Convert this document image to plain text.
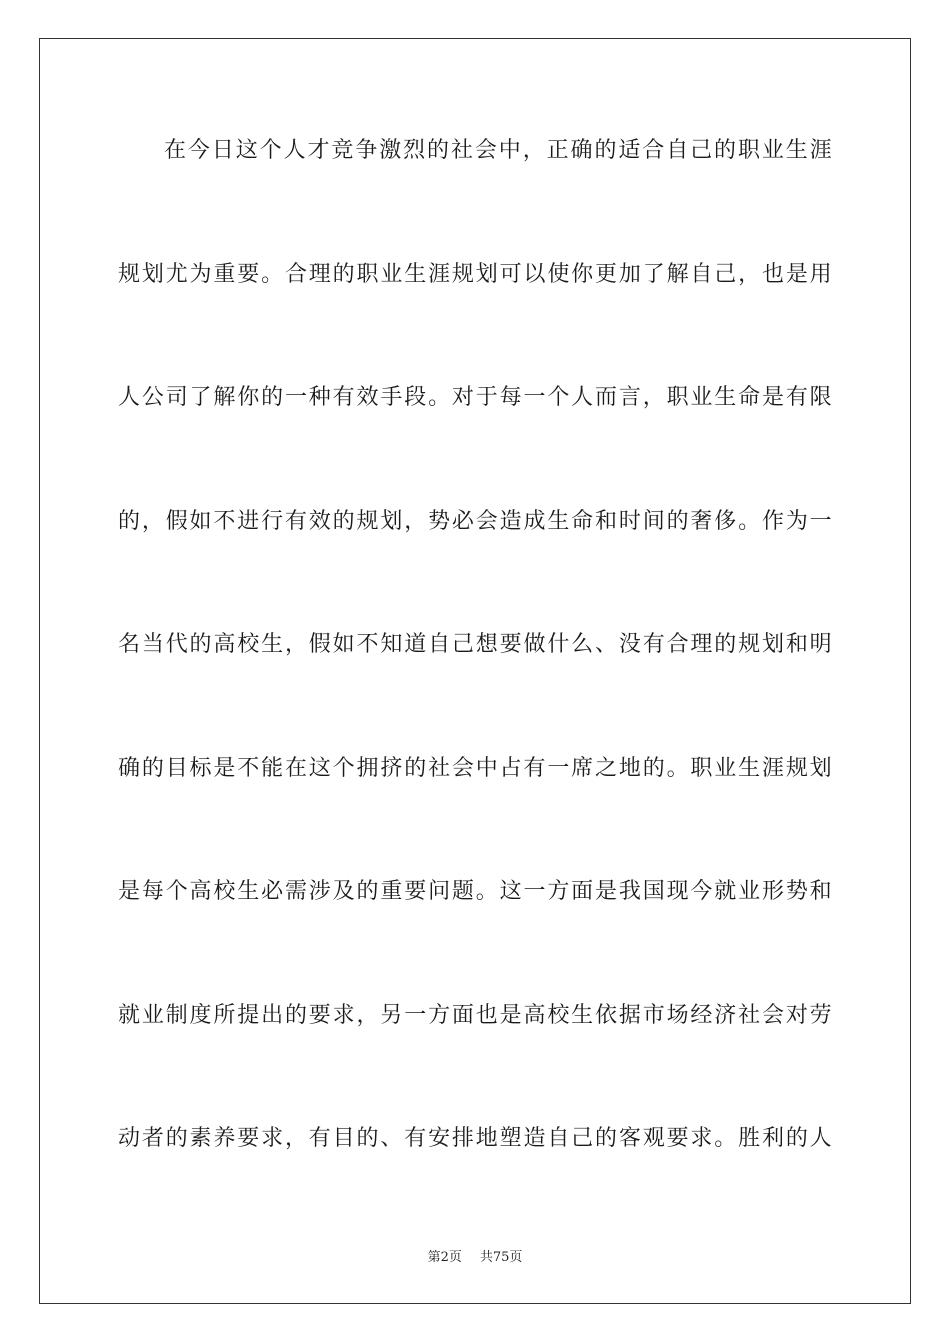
在今日这个人才竞争激烈的社会中，正确的适合自己的职业生涯
规划尤为重要。合理的职业生涯规划可以使你更加了解自己，也是用
人公司了解你的一种有效手段。对于每一个人而言，职业生命是有限
的，假如不进行有效的规划，势必会造成生命和时间的奢侈。作为一
名当代的高校生，假如不知道自己想要做什么、没有合理的规划和明
确的目标是不能在这个拥挤的社会中占有一席之地的。职业生涯规划
是每个高校生必需涉及的重要问题。这一方面是我国现今就业形势和
就业制度所提出的要求，另一方面也是高校生依据市场经济社会对劳
动者的素养要求，有目的、有安排地塑造自己的客观要求。胜利的人
第2页 共75页
